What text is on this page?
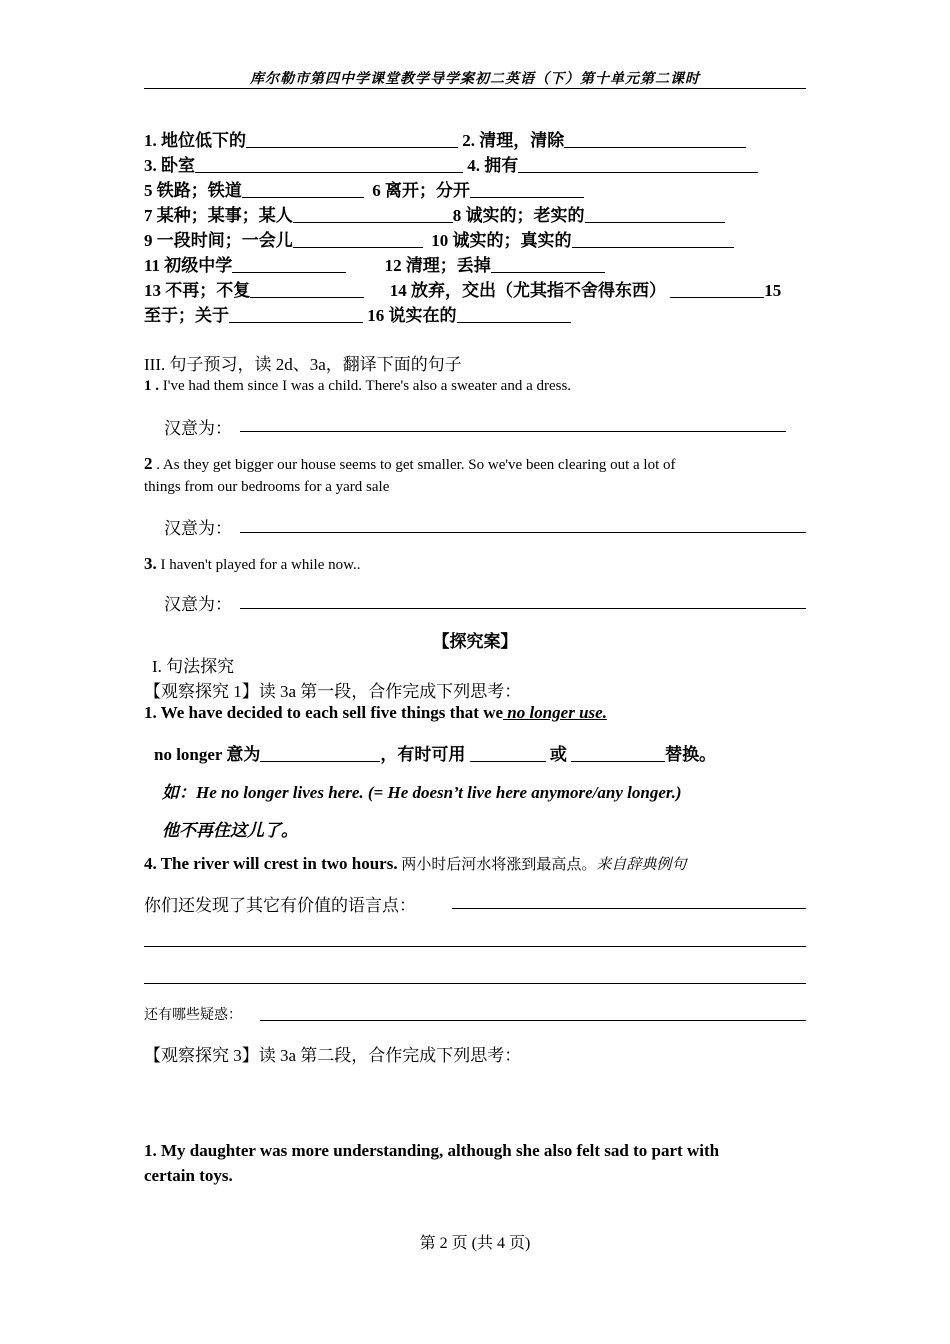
库尔勒市第四中学课堂教学导学案初二英语（下）第十单元第二课时
1. 地位低下的	2. 清理，清除
3. 卧室	4. 拥有
5 铁路；铁道	6 离开；分开
7 某种；某事；某人	8 诚实的；老实的
9 一段时间；一会儿	10 诚实的；真实的
11 初级中学	12 清理；丢掉
13 不再；不复	14 放弃，交出（尤其指不舍得东西）	15
至于；关于	16 说实在的
III. 句子预习，读 2d、3a，翻译下面的句子
1 . I've had them since I was a child. There's also a sweater and a dress.
汉意为：
2 . As they get bigger our house seems to get smaller. So we've been clearing out a lot of
things from our bedrooms for a yard sale
汉意为：
3. I haven't played for a while now..
汉意为：
【探究案】
I. 句法探究
【观察探究 1】读 3a 第一段，合作完成下列思考：
1. We have decided to each sell five things that we no longer use.
no longer 意为	，有时可用	或	替换。
如：He no longer lives here. (= He doesn’t live here anymore/any longer.)
他不再住这儿了。
4. The river will crest in two hours. 两小时后河水将涨到最高点。来自辞典例句
你们还发现了其它有价值的语言点：
还有哪些疑惑：
【观察探究 3】读 3a 第二段，合作完成下列思考：
1. My daughter was more understanding, although she also felt sad to part with
certain toys.
第 2 页 (共 4 页)
